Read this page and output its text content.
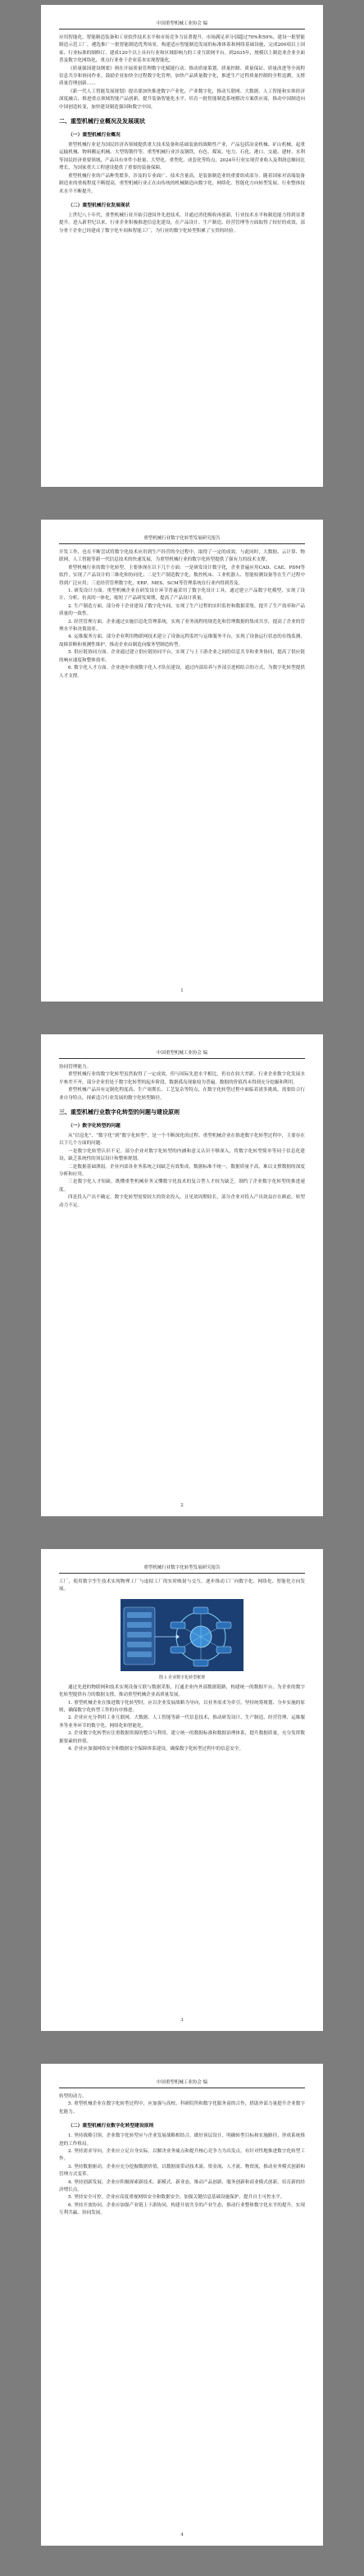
中国重型机械工业协会 编

应用智能化，智能制造装备和工业软件技术水平和市场竞争力显著提升，市场满足率分别超过70%和50%。建设一批智能制造示范工厂，遴选推广一批智能制造优秀场景，构建适应智能制造发展的标准体系和网络基础设施，完成200项以上国家、行业标准的制修订，建成120个以上具有行业和区域影响力的工业互联网平台。到2035年，规模以上制造业企业全面普及数字化网络化，重点行业骨干企业基本实现智能化。

《质量强国建设纲要》则在开展质量管理数字化赋能行动、推动质量策划、质量控制、质量保证、质量改进等全流程信息共享和协同作业，鼓励企业加快全过程数字化管理。加快产品质量数字化，推进生产过程质量控制的全程追溯，支撑质量管理创新……

《新一代人工智能发展规划》提出要加快推进数字产业化、产业数字化，推动互联网、大数据、人工智能和实体经济深度融合，推进重点领域智能产品创新，提升装备智能化水平。培育一批智能制造系统解决方案供应商，推动中国制造向中国创造转变，加快建设制造强国和数字中国。

二、重型机械行业概况及发展现状
（一）重型机械行业概况

重型机械行业是为国民经济各领域提供重大技术装备和基础装备的战略性产业，产品包括冶金机械、矿山机械、起重运输机械、物料搬运机械、大型铸锻件等。重型机械行业涉及钢铁、有色、煤炭、电力、石化、港口、交通、建材、水利等国民经济重要领域，产品具有单件小批量、大型化、重型化、成套化等特点，2024年行业实现营业收入及利润总额同比增长，为国家重大工程建设提供了重要的装备保障。

重型机械行业的产品种类繁多，涉及的专业面广、技术含量高，是装备制造业的重要组成部分。随着国家对高端装备制造业的重视程度不断提高，重型机械行业正在由传统的机械制造向数字化、网络化、智能化方向转型发展，行业整体技术水平不断提升。

（二）重型机械行业发展现状

上世纪八十年代，重型机械行业开始引进国外先进技术，并通过消化吸收再创新，行业技术水平和制造能力得到显著提升。进入新世纪以来，行业企业积极推进信息化建设，在产品设计、生产制造、经营管理等方面取得了较好的成效，部分骨干企业已经建成了数字化车间和智能工厂，为行业的数字化转型积累了宝贵的经验。

重型机械行业数字化转型发展研究报告

开发工作，也在不断尝试将数字化技术应用到生产经营的全过程中，取得了一定的成效。与此同时，大数据、云计算、物联网、人工智能等新一代信息技术的快速发展，为重型机械行业的数字化转型提供了强有力的技术支撑。

重型机械行业的数字化转型，主要体现在以下几个方面：一是研发设计数字化，企业普遍应用CAD、CAE、PDM等软件，实现了产品设计的三维化和协同化；二是生产制造数字化，数控机床、工业机器人、智能检测设备等在生产过程中得到广泛应用；三是经营管理数字化，ERP、MES、SCM等管理系统在行业内得到普及。

1. 研发设计方面。重型机械企业在研发设计环节普遍采用了数字化设计工具，通过建立产品数字化模型，实现了设计、分析、仿真的一体化，缩短了产品研发周期，提高了产品设计质量。

2. 生产制造方面。部分骨干企业建设了数字化车间，实现了生产过程的实时监控和数据采集，提升了生产效率和产品质量的一致性。

3. 经营管理方面。企业通过实施信息化管理系统，实现了业务流程的规范化和管理数据的集成共享，提高了企业的管理水平和决策效率。

4. 运维服务方面。部分企业利用物联网技术建立了设备远程监控与运维服务平台，实现了设备运行状态的在线监测、故障诊断和预测性维护，推动企业由制造向服务型制造转型。

5. 供应链协同方面。企业通过建立供应链协同平台，实现了与上下游企业之间的信息共享和业务协同，提高了供应链的响应速度和整体效率。

6. 数字化人才方面。企业逐步重视数字化人才队伍建设，通过内部培养与外部引进相结合的方式，为数字化转型提供人才支撑。

1
中国重型机械工业协会 编

协同管理能力。

重型机械行业的数字化转型虽然取得了一定成效，但与国际先进水平相比，仍存在较大差距。行业企业数字化发展水平参差不齐，部分企业仍处于数字化转型的起步阶段，数据孤岛现象较为普遍，数据的价值尚未得到充分挖掘和利用。

重型机械产品具有定制化程度高、生产周期长、工艺复杂等特点，在数字化转型过程中面临着诸多挑战，需要结合行业自身特点，探索适合行业发展的数字化转型路径。

三、重型机械行业数字化转型的问题与建设原则
（一）数字化转型的问题

从“信息化”、“数字化”到“数字化转型”，是一个不断深化的过程。重型机械企业在推进数字化转型过程中，主要存在以下几个方面的问题：

一是数字化转型认识不足。部分企业对数字化转型的内涵和意义认识不够深入，将数字化转型简单等同于信息化建设，缺乏系统性的顶层设计和整体规划。

二是数据基础薄弱。企业内部各业务系统之间缺乏有效集成，数据标准不统一，数据质量不高，难以支撑数据的深度分析和应用。

三是数字化人才短缺。既懂重型机械业务又懂数字化技术的复合型人才较为缺乏，制约了企业数字化转型的推进速度。

四是投入产出不确定。数字化转型需要较大的资金投入，且见效周期较长，部分企业对投入产出效益存在顾虑，转型动力不足。

2
重型机械行业数字化转型发展研究报告

工厂，使用数字孪生技术实现物理工厂与虚拟工厂的实时映射与交互，逐步推动工厂向数字化、网络化、智能化方向发展。

图 1 企业数字化转型框架

通过先进的物联网和技术实现设备互联与数据采集，打通企业内外部数据链路，构建统一的数据平台，为企业的数字化转型提供有力的数据支撑，推动重型机械企业高质量发展。

1. 重型机械企业在推进数字化转型时，应以企业发展战略为导向，以业务需求为牵引，坚持统筹规划、分步实施的原则，确保数字化转型工作的有序推进。

2. 企业应充分利用工业互联网、大数据、人工智能等新一代信息技术，推动研发设计、生产制造、经营管理、运维服务等业务环节的数字化、网络化和智能化。

3. 企业数字化转型应注重数据资源的整合与利用，建立统一的数据标准和数据治理体系，提升数据质量，充分发挥数据要素的价值。

4. 企业应加强网络安全和数据安全保障体系建设，确保数字化转型过程中的信息安全。

3
中国重型机械工业协会 编

转型的动力。

5. 重型机械企业在数字化转型过程中，应加强与高校、科研院所和数字化服务商的合作，借助外部力量提升企业数字化能力。

（二）重型机械行业数字化转型建设原则

1. 坚持战略引领。企业数字化转型应与企业发展战略相结合，做好顶层设计，明确转型目标和实施路径，形成系统推进的工作格局。

2. 坚持需求导向。企业应立足自身实际，以解决业务痛点和提升核心竞争力为出发点，有针对性地推进数字化转型工作。

3. 坚持数据驱动。企业应充分挖掘数据价值，以数据流带动技术流、资金流、人才流、物资流，推动业务模式创新和管理方式变革。

4. 坚持创新发展。企业应积极探索新技术、新模式、新业态，推动产品创新、服务创新和商业模式创新，培育新的经济增长点。

5. 坚持安全可控。企业应高度重视网络安全和数据安全，加强关键信息基础设施保护，提升自主可控水平。

6. 坚持开放协同。企业应加强产业链上下游协同，构建开放共享的产业生态，推动行业整体数字化水平的提升，实现互利共赢、协同发展。

4
